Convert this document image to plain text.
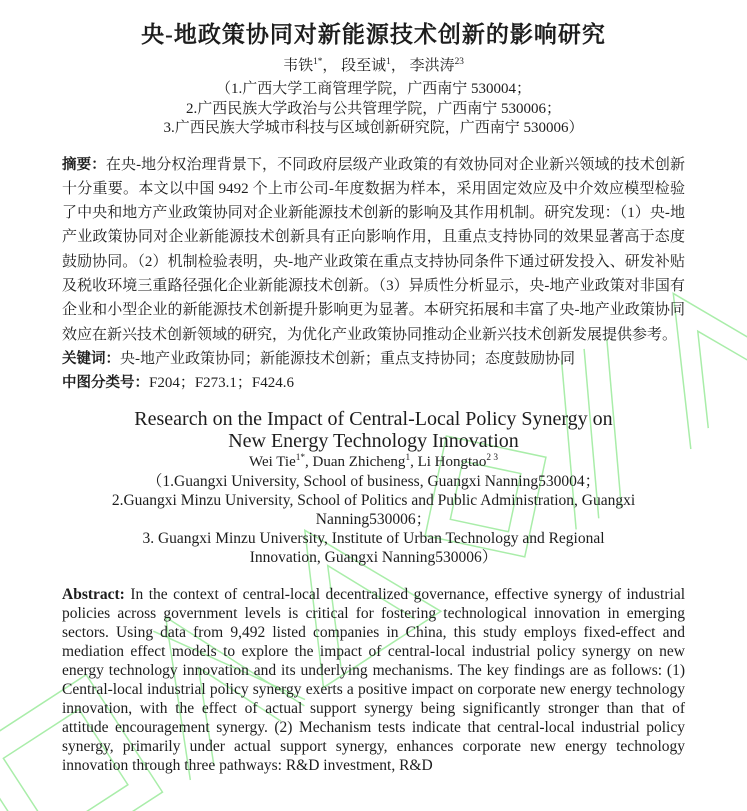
央-地政策协同对新能源技术创新的影响研究
韦铁$^{1*}$， 段至诚$^1$， 李洪涛$^{23}$
（1.广西大学工商管理学院，广西南宁 530004；
2.广西民族大学政治与公共管理学院，广西南宁 530006；
3.广西民族大学城市科技与区域创新研究院，广西南宁 530006）

摘要：在央-地分权治理背景下，不同政府层级产业政策的有效协同对企业新兴领域的技术创新十分重要。本文以中国 9492 个上市公司-年度数据为样本，采用固定效应及中介效应模型检验了中央和地方产业政策协同对企业新能源技术创新的影响及其作用机制。研究发现：（1）央-地产业政策协同对企业新能源技术创新具有正向影响作用，且重点支持协同的效果显著高于态度鼓励协同。（2）机制检验表明，央-地产业政策在重点支持协同条件下通过研发投入、研发补贴及税收环境三重路径强化企业新能源技术创新。（3）异质性分析显示，央-地产业政策对非国有企业和小型企业的新能源技术创新提升影响更为显著。本研究拓展和丰富了央-地产业政策协同效应在新兴技术创新领域的研究，为优化产业政策协同推动企业新兴技术创新发展提供参考。

关键词：央-地产业政策协同；新能源技术创新；重点支持协同；态度鼓励协同

中图分类号：F204；F273.1；F424.6

Research on the Impact of Central-Local Policy Synergy on
New Energy Technology Innovation
Wei Tie$^{1*}$, Duan Zhicheng$^1$, Li Hongtao$^{2 3}$
（1.Guangxi University, School of business, Guangxi Nanning530004；
2.Guangxi Minzu University, School of Politics and Public Administration, Guangxi
Nanning530006；
3. Guangxi Minzu University, Institute of Urban Technology and Regional
Innovation, Guangxi Nanning530006）

Abstract: In the context of central-local decentralized governance, effective synergy of industrial policies across government levels is critical for fostering technological innovation in emerging sectors. Using data from 9,492 listed companies in China, this study employs fixed-effect and mediation effect models to explore the impact of central-local industrial policy synergy on new energy technology innovation and its underlying mechanisms. The key findings are as follows: (1) Central-local industrial policy synergy exerts a positive impact on corporate new energy technology innovation, with the effect of actual support synergy being significantly stronger than that of attitude encouragement synergy. (2) Mechanism tests indicate that central-local industrial policy synergy, primarily under actual support synergy, enhances corporate new energy technology innovation through three pathways: R&D investment, R&D
